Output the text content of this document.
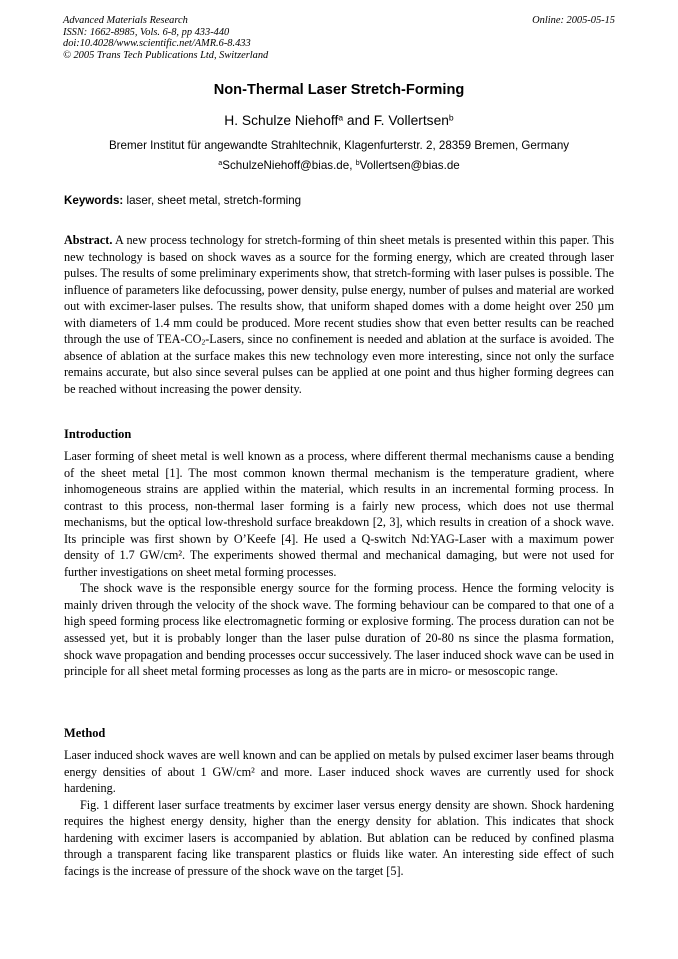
Advanced Materials Research
ISSN: 1662-8985, Vols. 6-8, pp 433-440
doi:10.4028/www.scientific.net/AMR.6-8.433
© 2005 Trans Tech Publications Ltd, Switzerland
Online: 2005-05-15
Non-Thermal Laser Stretch-Forming
H. Schulze Niehoff$^a$ and F. Vollertsen$^b$
Bremer Institut für angewandte Strahltechnik, Klagenfurterstr. 2, 28359 Bremen, Germany
$^a$SchulzeNiehoff@bias.de, $^b$Vollertsen@bias.de
Keywords: laser, sheet metal, stretch-forming

Abstract. A new process technology for stretch-forming of thin sheet metals is presented within this paper. This new technology is based on shock waves as a source for the forming energy, which are created through laser pulses. The results of some preliminary experiments show, that stretch-forming with laser pulses is possible. The influence of parameters like defocussing, power density, pulse energy, number of pulses and material are worked out with excimer-laser pulses. The results show, that uniform shaped domes with a dome height over 250 µm with diameters of 1.4 mm could be produced. More recent studies show that even better results can be reached through the use of TEA-$CO_2$-Lasers, since no confinement is needed and ablation at the surface is avoided. The absence of ablation at the surface makes this new technology even more interesting, since not only the surface remains accurate, but also since several pulses can be applied at one point and thus higher forming degrees can be reached without increasing the power density.

Introduction

Laser forming of sheet metal is well known as a process, where different thermal mechanisms cause a bending of the sheet metal [1]. The most common known thermal mechanism is the temperature gradient, where inhomogeneous strains are applied within the material, which results in an incremental forming process. In contrast to this process, non-thermal laser forming is a fairly new process, which does not use thermal mechanisms, but the optical low-threshold surface breakdown [2, 3], which results in creation of a shock wave. Its principle was first shown by O’Keefe [4]. He used a Q-switch Nd:YAG-Laser with a maximum power density of 1.7 GW/cm². The experiments showed thermal and mechanical damaging, but were not used for further investigations on sheet metal forming processes.

The shock wave is the responsible energy source for the forming process. Hence the forming velocity is mainly driven through the velocity of the shock wave. The forming behaviour can be compared to that one of a high speed forming process like electromagnetic forming or explosive forming. The process duration can not be assessed yet, but it is probably longer than the laser pulse duration of 20-80 ns since the plasma formation, shock wave propagation and bending processes occur successively. The laser induced shock wave can be used in principle for all sheet metal forming processes as long as the parts are in micro- or mesoscopic range.

Method

Laser induced shock waves are well known and can be applied on metals by pulsed excimer laser beams through energy densities of about 1 GW/cm² and more. Laser induced shock waves are currently used for shock hardening.

Fig. 1 different laser surface treatments by excimer laser versus energy density are shown. Shock hardening requires the highest energy density, higher than the energy density for ablation. This indicates that shock hardening with excimer lasers is accompanied by ablation. But ablation can be reduced by confined plasma through a transparent facing like transparent plastics or fluids like water. An interesting side effect of such facings is the increase of pressure of the shock wave on the target [5].
